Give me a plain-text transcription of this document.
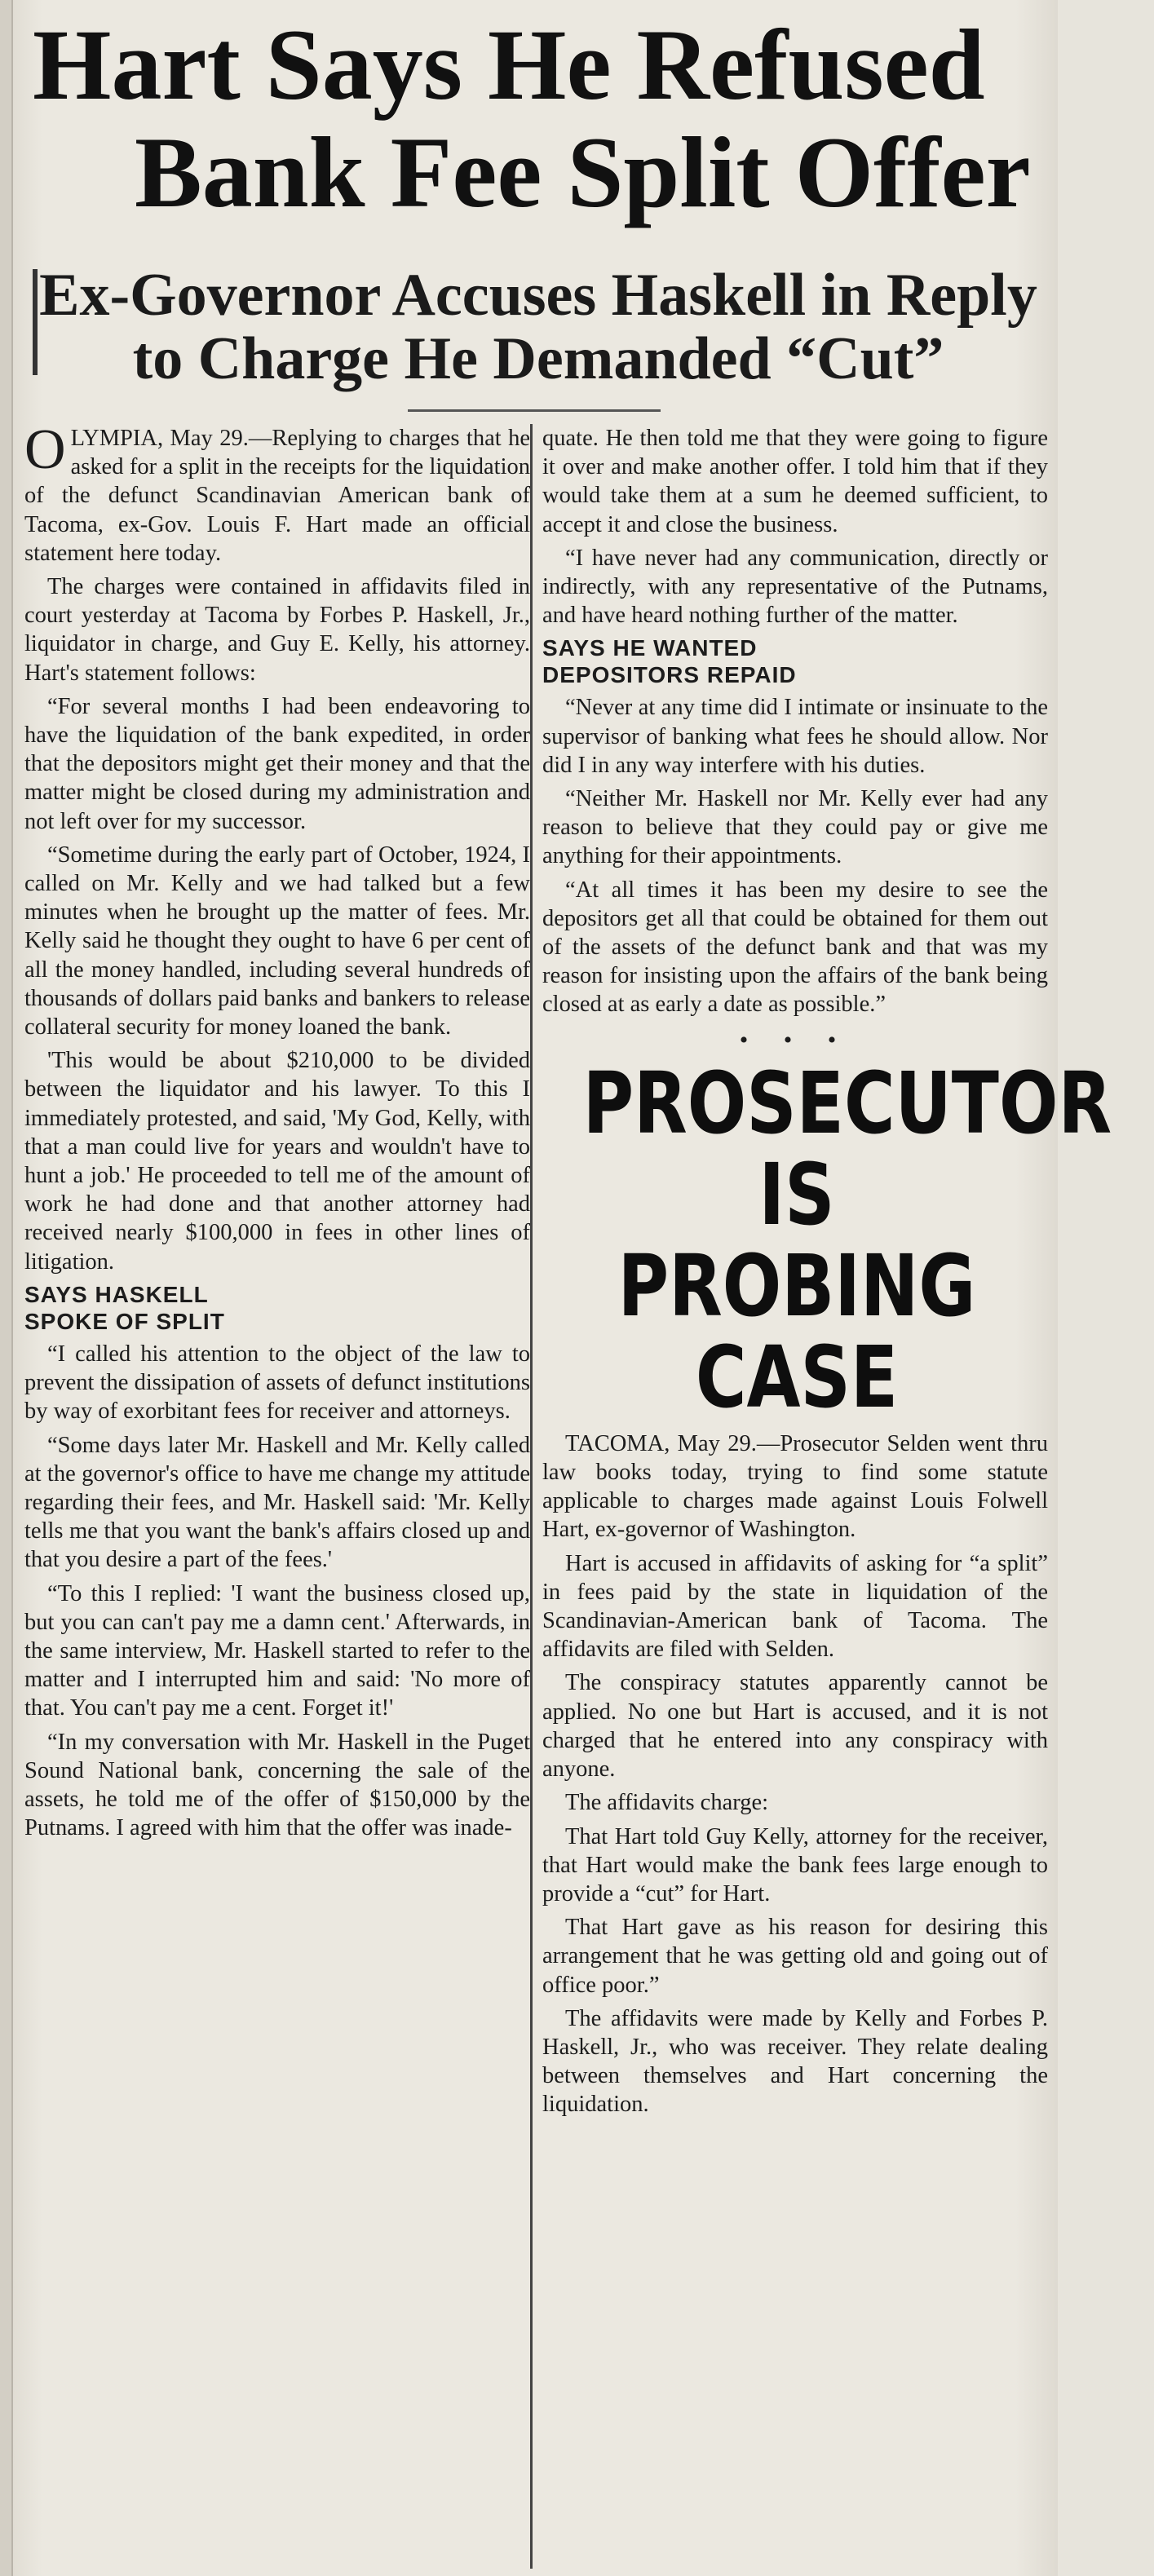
Hart Says He Refused
Bank Fee Split Offer
Ex-Governor Accuses Haskell in Reply
to Charge He Demanded “Cut”

OLYMPIA, May 29.—Replying to charges that he asked for a split in the receipts for the liquidation of the defunct Scandinavian American bank of Tacoma, ex-Gov. Louis F. Hart made an official statement here today.

The charges were contained in affidavits filed in court yesterday at Tacoma by Forbes P. Haskell, Jr., liquidator in charge, and Guy E. Kelly, his attorney. Hart's statement follows:

“For several months I had been endeavoring to have the liquidation of the bank expedited, in order that the depositors might get their money and that the matter might be closed during my administration and not left over for my successor.

“Sometime during the early part of October, 1924, I called on Mr. Kelly and we had talked but a few minutes when he brought up the matter of fees. Mr. Kelly said he thought they ought to have 6 per cent of all the money handled, including several hundreds of thousands of dollars paid banks and bankers to release collateral security for money loaned the bank.

'This would be about $210,000 to be divided between the liquidator and his lawyer. To this I immediately protested, and said, 'My God, Kelly, with that a man could live for years and wouldn't have to hunt a job.' He proceeded to tell me of the amount of work he had done and that another attorney had received nearly $100,000 in fees in other lines of litigation.

SAYS HASKELL
SPOKE OF SPLIT

“I called his attention to the object of the law to prevent the dissipation of assets of defunct institutions by way of exorbitant fees for receiver and attorneys.

“Some days later Mr. Haskell and Mr. Kelly called at the governor's office to have me change my attitude regarding their fees, and Mr. Haskell said: 'Mr. Kelly tells me that you want the bank's affairs closed up and that you desire a part of the fees.'

“To this I replied: 'I want the business closed up, but you can can't pay me a damn cent.' Afterwards, in the same interview, Mr. Haskell started to refer to the matter and I interrupted him and said: 'No more of that. You can't pay me a cent. Forget it!'

“In my conversation with Mr. Haskell in the Puget Sound National bank, concerning the sale of the assets, he told me of the offer of $150,000 by the Putnams. I agreed with him that the offer was inade-

quate. He then told me that they were going to figure it over and make another offer. I told him that if they would take them at a sum he deemed sufficient, to accept it and close the business.

“I have never had any communication, directly or indirectly, with any representative of the Putnams, and have heard nothing further of the matter.

SAYS HE WANTED
DEPOSITORS REPAID

“Never at any time did I intimate or insinuate to the supervisor of banking what fees he should allow. Nor did I in any way interfere with his duties.

“Neither Mr. Haskell nor Mr. Kelly ever had any reason to believe that they could pay or give me anything for their appointments.

“At all times it has been my desire to see the depositors get all that could be obtained for them out of the assets of the defunct bank and that was my reason for insisting upon the affairs of the bank being closed at as early a date as possible.”

• • •
PROSECUTOR IS
PROBING CASE

TACOMA, May 29.—Prosecutor Selden went thru law books today, trying to find some statute applicable to charges made against Louis Folwell Hart, ex-governor of Washington.

Hart is accused in affidavits of asking for “a split” in fees paid by the state in liquidation of the Scandinavian-American bank of Tacoma. The affidavits are filed with Selden.

The conspiracy statutes apparently cannot be applied. No one but Hart is accused, and it is not charged that he entered into any conspiracy with anyone.

The affidavits charge:

That Hart told Guy Kelly, attorney for the receiver, that Hart would make the bank fees large enough to provide a “cut” for Hart.

That Hart gave as his reason for desiring this arrangement that he was getting old and going out of office poor.”

The affidavits were made by Kelly and Forbes P. Haskell, Jr., who was receiver. They relate dealing between themselves and Hart concerning the liquidation.
